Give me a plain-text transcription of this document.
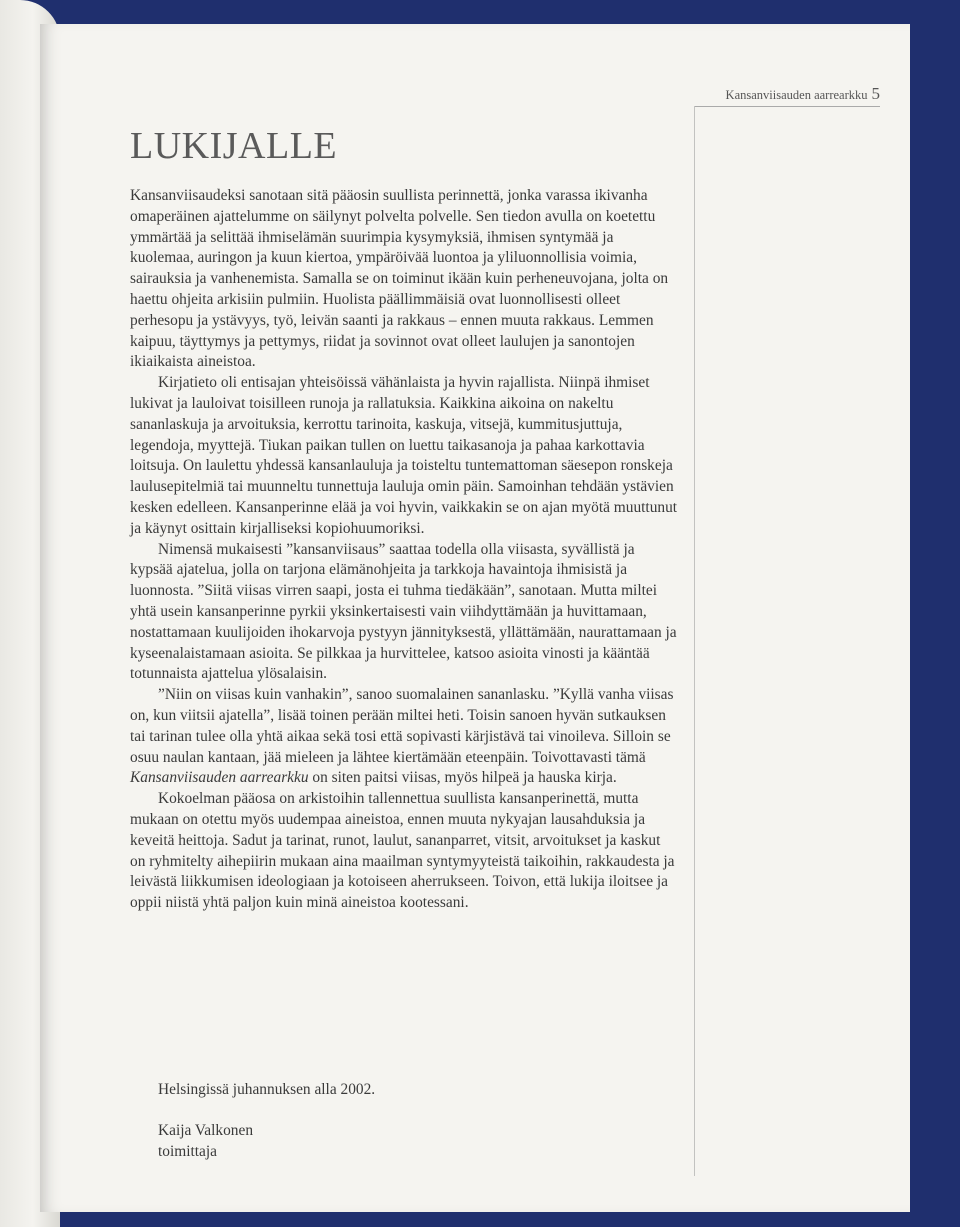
Kansanviisauden aarrearkku 5
LUKIJALLE

Kansanviisaudeksi sanotaan sitä pääosin suullista perinnettä, jonka varassa ikivanha omaperäinen ajattelumme on säilynyt polvelta polvelle. Sen tiedon avulla on koetettu ymmärtää ja selittää ihmiselämän suurimpia kysymyksiä, ihmisen syntymää ja kuolemaa, auringon ja kuun kiertoa, ympäröivää luontoa ja yliluonnollisia voimia, sairauksia ja vanhenemista. Samalla se on toiminut ikään kuin perheneuvojana, jolta on haettu ohjeita arkisiin pulmiin. Huolista päällimmäisiä ovat luonnollisesti olleet perhesopu ja ystävyys, työ, leivän saanti ja rakkaus – ennen muuta rakkaus. Lemmen kaipuu, täyttymys ja pettymys, riidat ja sovinnot ovat olleet laulujen ja sanontojen ikiaikaista aineistoa.

Kirjatieto oli entisajan yhteisöissä vähänlaista ja hyvin rajallista. Niinpä ihmiset lukivat ja lauloivat toisilleen runoja ja rallatuksia. Kaikkina aikoina on nakeltu sananlaskuja ja arvoituksia, kerrottu tarinoita, kaskuja, vitsejä, kummitusjuttuja, legendoja, myyttejä. Tiukan paikan tullen on luettu taikasanoja ja pahaa karkottavia loitsuja. On laulettu yhdessä kansanlauluja ja toisteltu tuntemattoman säesepon ronskeja laulusepitelmiä tai muunneltu tunnettuja lauluja omin päin. Samoinhan tehdään ystävien kesken edelleen. Kansanperinne elää ja voi hyvin, vaikkakin se on ajan myötä muuttunut ja käynyt osittain kirjalliseksi kopiohuumoriksi.

Nimensä mukaisesti ”kansanviisaus” saattaa todella olla viisasta, syvällistä ja kypsää ajatelua, jolla on tarjona elämänohjeita ja tarkkoja havaintoja ihmisistä ja luonnosta. ”Siitä viisas virren saapi, josta ei tuhma tiedäkään”, sanotaan. Mutta miltei yhtä usein kansanperinne pyrkii yksinkertaisesti vain viihdyttämään ja huvittamaan, nostattamaan kuulijoiden ihokarvoja pystyyn jännityksestä, yllättämään, naurattamaan ja kyseenalaistamaan asioita. Se pilkkaa ja hurvittelee, katsoo asioita vinosti ja kääntää totunnaista ajattelua ylösalaisin.

”Niin on viisas kuin vanhakin”, sanoo suomalainen sananlasku. ”Kyllä vanha viisas on, kun viitsii ajatella”, lisää toinen perään miltei heti. Toisin sanoen hyvän sutkauksen tai tarinan tulee olla yhtä aikaa sekä tosi että sopivasti kärjistävä tai vinoileva. Silloin se osuu naulan kantaan, jää mieleen ja lähtee kiertämään eteenpäin. Toivottavasti tämä Kansanviisauden aarrearkku on siten paitsi viisas, myös hilpeä ja hauska kirja.

Kokoelman pääosa on arkistoihin tallennettua suullista kansanperinettä, mutta mukaan on otettu myös uudempaa aineistoa, ennen muuta nykyajan lausahduksia ja keveitä heittoja. Sadut ja tarinat, runot, laulut, sananparret, vitsit, arvoitukset ja kaskut on ryhmitelty aihepiirin mukaan aina maailman syntymyyteistä taikoihin, rakkaudesta ja leivästä liikkumisen ideologiaan ja kotoiseen aherrukseen. Toivon, että lukija iloitsee ja oppii niistä yhtä paljon kuin minä aineistoa kootessani.

Helsingissä juhannuksen alla 2002.
Kaija Valkonen
toimittaja
